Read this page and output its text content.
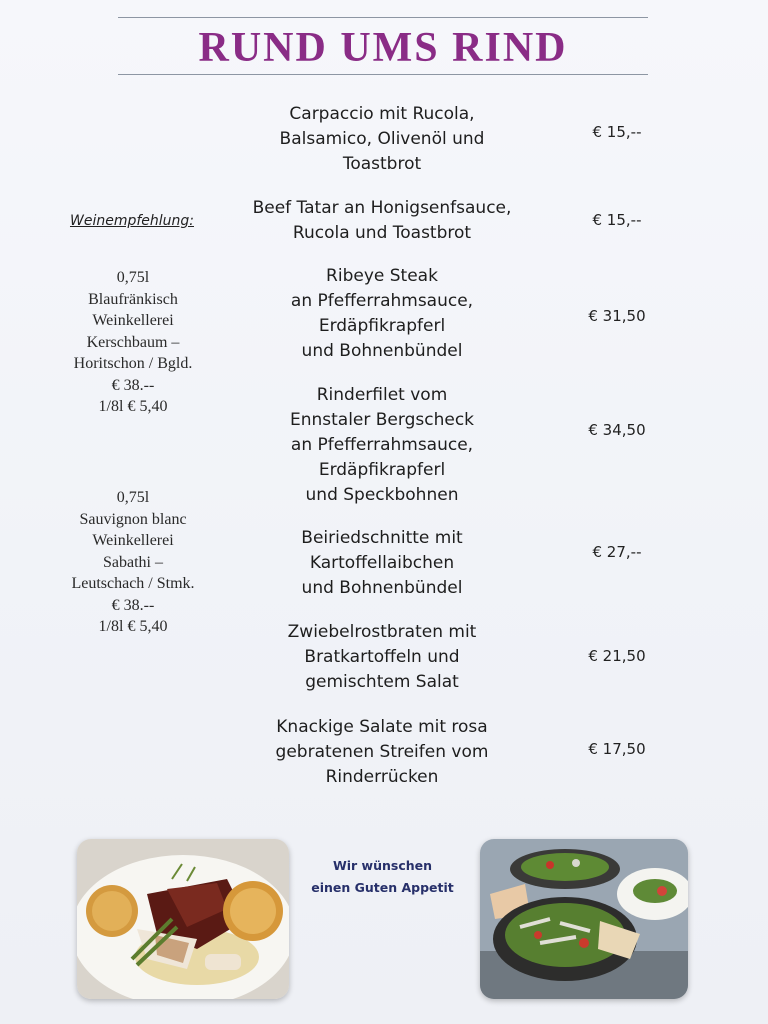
RUND UMS RIND
Carpaccio mit Rucola,
Balsamico, Olivenöl und
Toastbrot
€ 15,--
Beef Tatar an Honigsenfsauce,
Rucola und Toastbrot
€ 15,--
Ribeye Steak
an Pfefferrahmsauce,
Erdäpfikrapferl
und Bohnenbündel
€ 31,50
Rinderfilet vom
Ennstaler Bergscheck
an Pfefferrahmsauce,
Erdäpfikrapferl
und Speckbohnen
€ 34,50
Beiriedschnitte mit
Kartoffellaibchen
und Bohnenbündel
€ 27,--
Zwiebelrostbraten mit
Bratkartoffeln und
gemischtem Salat
€ 21,50
Knackige Salate mit rosa
gebratenen Streifen vom
Rinderrücken
€ 17,50
Weinempfehlung:
0,75l
Blaufränkisch
Weinkellerei
Kerschbaum –
Horitschon / Bgld.
€ 38.--
1/8l € 5,40
0,75l
Sauvignon blanc
Weinkellerei
Sabathi –
Leutschach / Stmk.
€ 38.--
1/8l € 5,40
Wir wünschen
einen Guten Appetit
